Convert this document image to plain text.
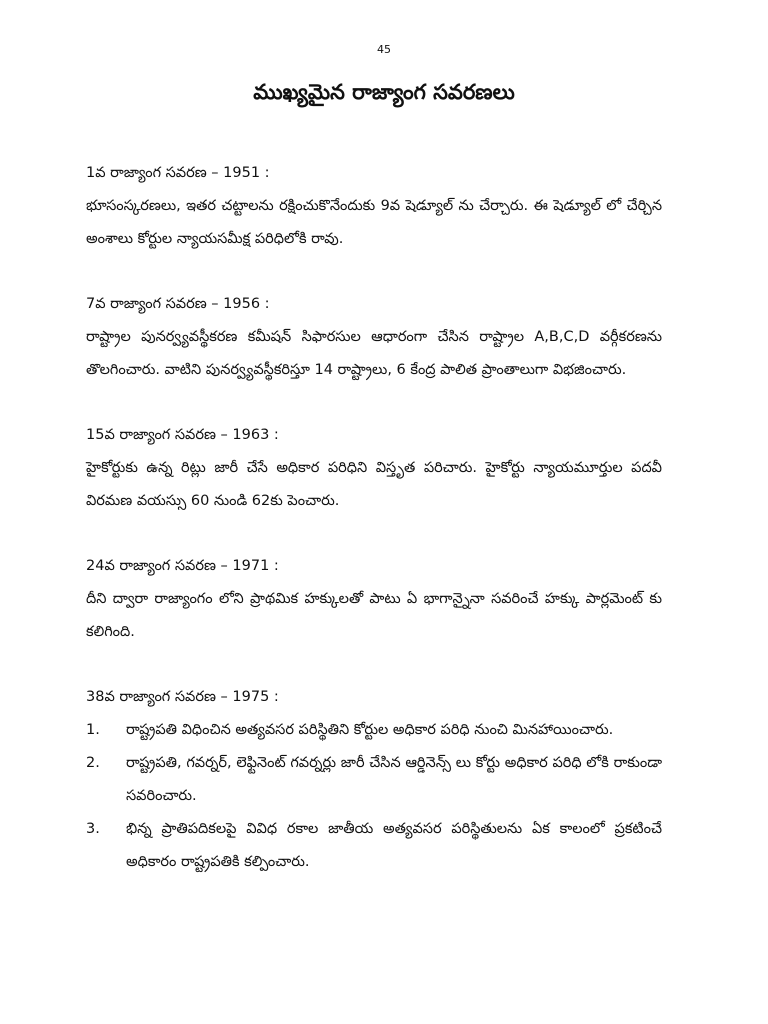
45
ముఖ్యమైన రాజ్యాంగ సవరణలు
1వ రాజ్యాంగ సవరణ – 1951 :
భూసంస్కరణలు, ఇతర చట్టాలను రక్షించుకొనేందుకు 9వ షెడ్యూల్ ను చేర్చారు. ఈ షెడ్యూల్ లో చేర్చిన అంశాలు కోర్టుల న్యాయసమీక్ష పరిధిలోకి రావు.
7వ రాజ్యాంగ సవరణ – 1956 :
రాష్ట్రాల పునర్వ్యవస్థీకరణ కమీషన్ సిఫారసుల ఆధారంగా చేసిన రాష్ట్రాల A,B,C,D వర్గీకరణను తొలగించారు. వాటిని పునర్వ్యవస్థీకరిస్తూ 14 రాష్ట్రాలు, 6 కేంద్ర పాలిత ప్రాంతాలుగా విభజించారు.
15వ రాజ్యాంగ సవరణ – 1963 :
హైకోర్టుకు ఉన్న రిట్లు జారీ చేసే అధికార పరిధిని విస్తృత పరిచారు. హైకోర్టు న్యాయమూర్తుల పదవీ విరమణ వయస్సు 60 నుండి 62కు పెంచారు.
24వ రాజ్యాంగ సవరణ – 1971 :
దీని ద్వారా రాజ్యాంగం లోని ప్రాథమిక హక్కులతో పాటు ఏ భాగాన్నైనా సవరించే హక్కు పార్లమెంట్ కు కలిగింది.
38వ రాజ్యాంగ సవరణ – 1975 :
1.	రాష్ట్రపతి విధించిన అత్యవసర పరిస్థితిని కోర్టుల అధికార పరిధి నుంచి మినహాయించారు.
2.	రాష్ట్రపతి, గవర్నర్, లెఫ్టినెంట్ గవర్నర్లు జారీ చేసిన ఆర్డినెన్స్ లు కోర్టు అధికార పరిధి లోకి రాకుండా సవరించారు.
3.	భిన్న ప్రాతిపదికలపై వివిధ రకాల జాతీయ అత్యవసర పరిస్థితులను ఏక కాలంలో ప్రకటించే అధికారం రాష్ట్రపతికి కల్పించారు.
